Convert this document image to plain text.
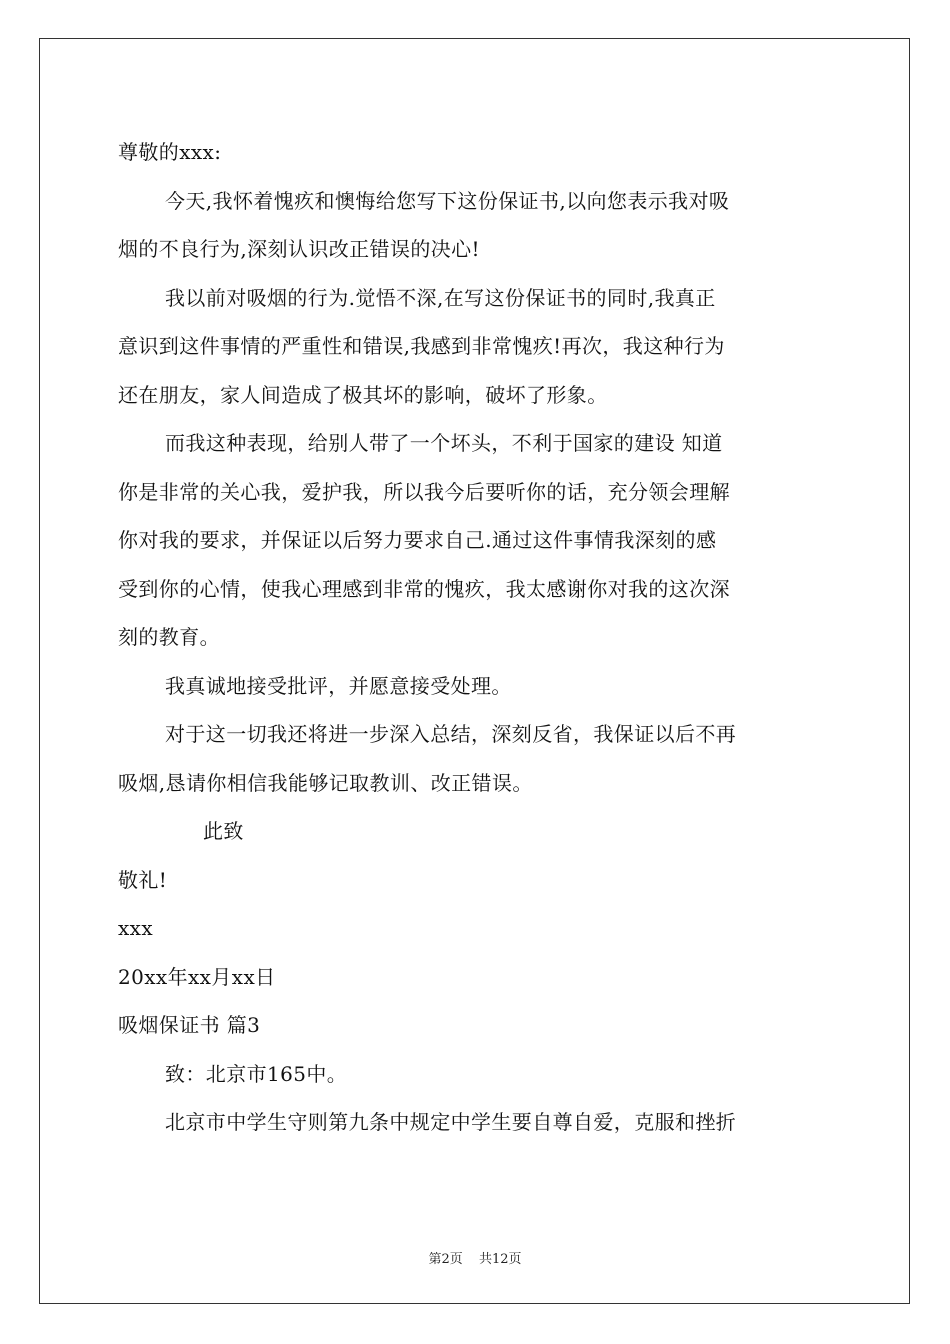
尊敬的xxx:
今天,我怀着愧疚和懊悔给您写下这份保证书,以向您表示我对吸
烟的不良行为,深刻认识改正错误的决心!
我以前对吸烟的行为.觉悟不深,在写这份保证书的同时,我真正
意识到这件事情的严重性和错误,我感到非常愧疚!再次，我这种行为
还在朋友，家人间造成了极其坏的影响，破坏了形象。
而我这种表现，给别人带了一个坏头，不利于国家的建设 知道
你是非常的关心我，爱护我，所以我今后要听你的话，充分领会理解
你对我的要求，并保证以后努力要求自己.通过这件事情我深刻的感
受到你的心情，使我心理感到非常的愧疚，我太感谢你对我的这次深
刻的教育。
我真诚地接受批评，并愿意接受处理。
对于这一切我还将进一步深入总结，深刻反省，我保证以后不再
吸烟,恳请你相信我能够记取教训、改正错误。
此致
敬礼!
xxx
20xx年xx月xx日
吸烟保证书 篇3
致：北京市165中。
北京市中学生守则第九条中规定中学生要自尊自爱，克服和挫折
第2页 共12页
